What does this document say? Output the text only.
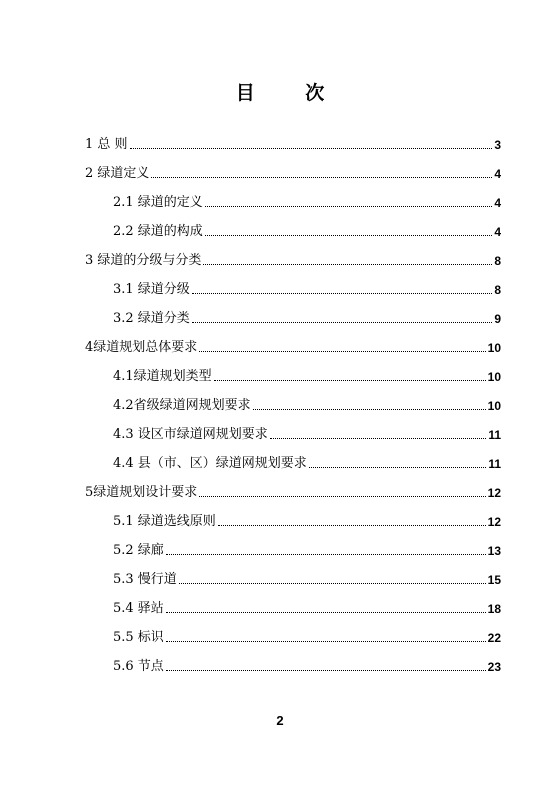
目 次
1 总 则	3
2 绿道定义	4
2.1 绿道的定义	4
2.2 绿道的构成	4
3 绿道的分级与分类	8
3.1 绿道分级	8
3.2 绿道分类	9
4绿道规划总体要求	10
4.1绿道规划类型	10
4.2省级绿道网规划要求	10
4.3 设区市绿道网规划要求	11
4.4 县（市、区）绿道网规划要求	11
5绿道规划设计要求	12
5.1 绿道选线原则	12
5.2 绿廊	13
5.3 慢行道	15
5.4 驿站	18
5.5 标识	22
5.6 节点	23
2
